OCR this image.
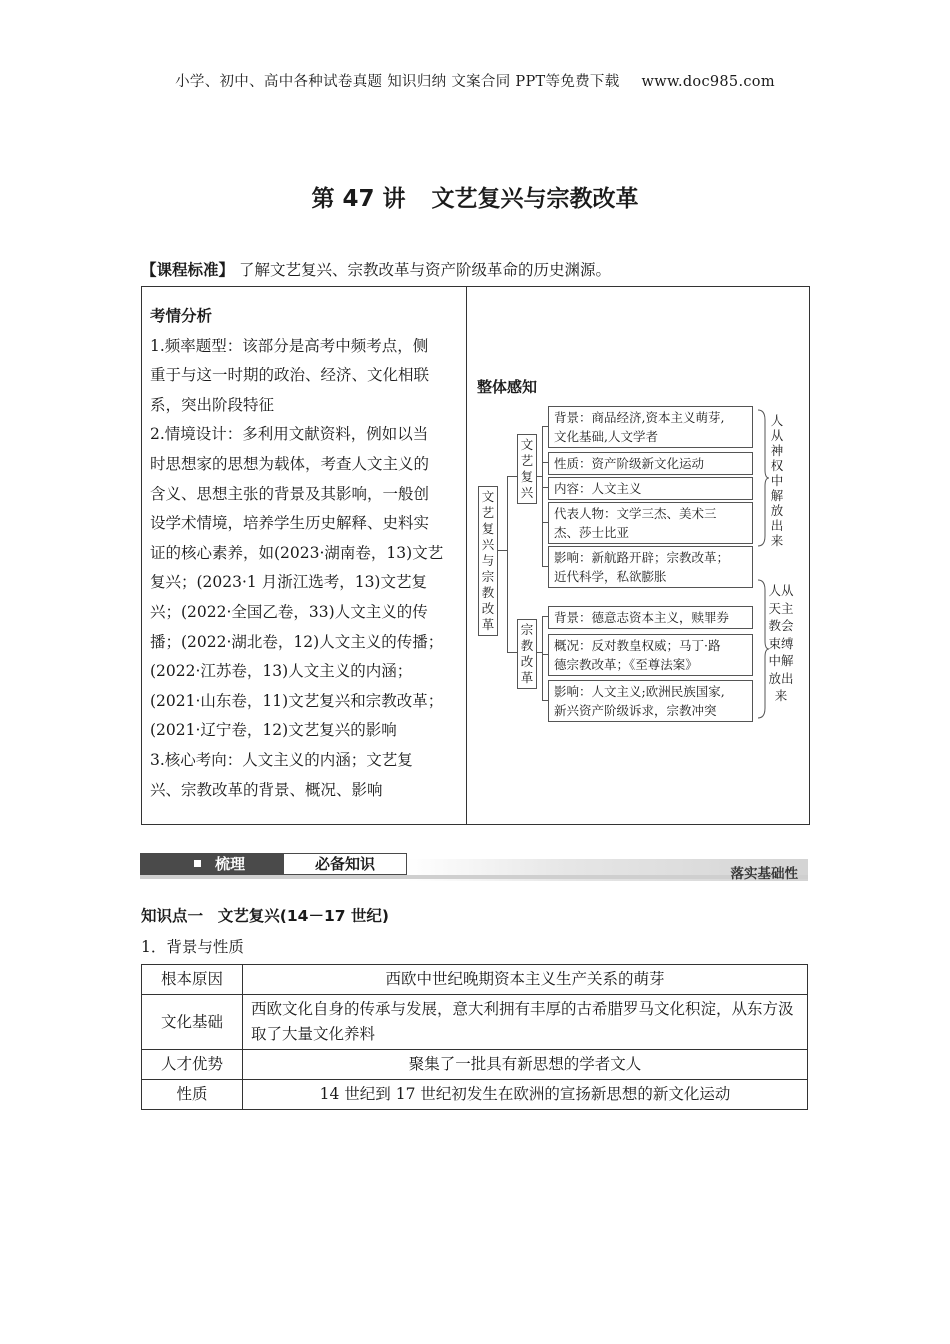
小学、初中、高中各种试卷真题 知识归纳 文案合同 PPT等免费下载 www.doc985.com
第 47 讲 文艺复兴与宗教改革
【课程标准】 了解文艺复兴、宗教改革与资产阶级革命的历史渊源。
考情分析
1.频率题型：该部分是高考中频考点，侧
重于与这一时期的政治、经济、文化相联
系，突出阶段特征
2.情境设计：多利用文献资料，例如以当
时思想家的思想为载体，考查人文主义的
含义、思想主张的背景及其影响，一般创
设学术情境，培养学生历史解释、史料实
证的核心素养，如(2023·湖南卷，13)文艺
复兴；(2023·1 月浙江选考，13)文艺复
兴；(2022·全国乙卷，33)人文主义的传
播；(2022·湖北卷，12)人文主义的传播；
(2022·江苏卷，13)人文主义的内涵；
(2021·山东卷，11)文艺复兴和宗教改革；
(2021·辽宁卷，12)文艺复兴的影响
3.核心考向：人文主义的内涵；文艺复
兴、宗教改革的背景、概况、影响
整体感知
文艺复兴与宗教改革
文艺复兴
背景：商品经济,资本主义萌芽,
文化基础,人文学者
性质：资产阶级新文化运动
内容：人文主义
代表人物：文学三杰、美术三
杰、莎士比亚
影响：新航路开辟；宗教改革；
近代科学，私欲膨胀
人从神权中解放出来
宗教改革
背景：德意志资本主义，赎罪券
概况：反对教皇权威；马丁·路
德宗教改革；《至尊法案》
影响：人文主义;欧洲民族国家,
新兴资产阶级诉求，宗教冲突
人从
天主
教会
束缚
中解
放出
来
梳理	必备知识
落实基础性
知识点一 文艺复兴(14－17 世纪)
1．背景与性质
根本原因	西欧中世纪晚期资本主义生产关系的萌芽
文化基础	西欧文化自身的传承与发展，意大利拥有丰厚的古希腊罗马文化积淀，从东方汲取了大量文化养料
人才优势	聚集了一批具有新思想的学者文人
性质	14 世纪到 17 世纪初发生在欧洲的宣扬新思想的新文化运动
